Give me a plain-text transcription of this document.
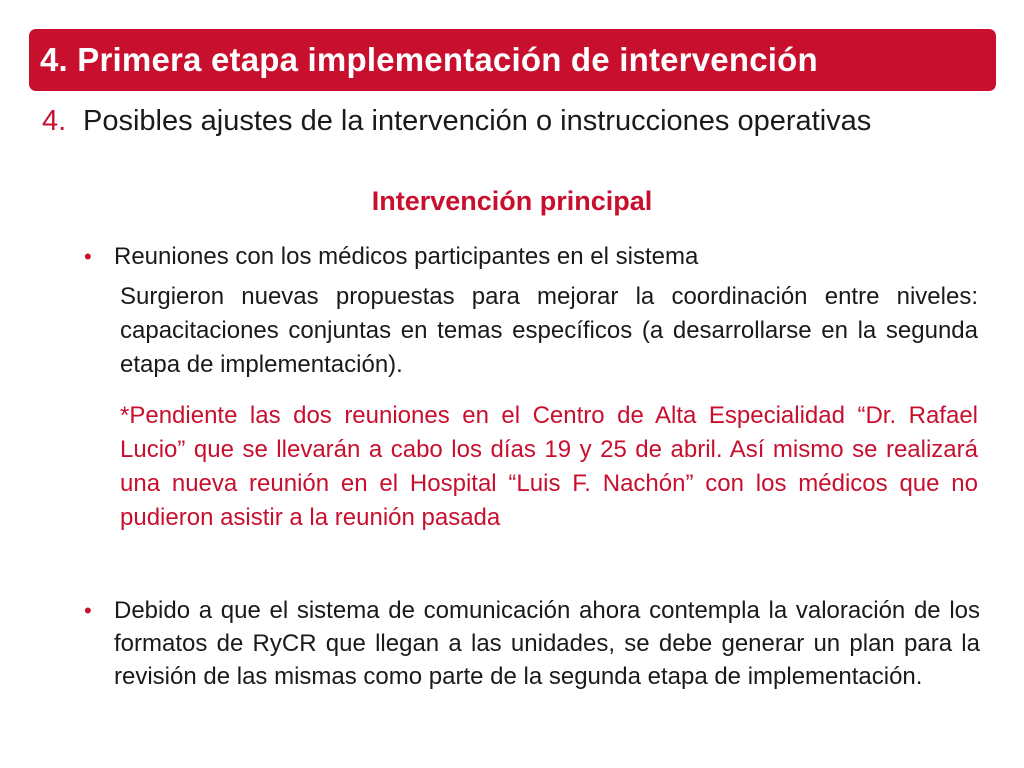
4. Primera etapa implementación de intervención
4. Posibles ajustes de la intervención o instrucciones operativas
Intervención principal
• Reuniones con los médicos participantes en el sistema
Surgieron nuevas propuestas para mejorar la coordinación entre niveles: capacitaciones conjuntas en temas específicos (a desarrollarse en la segunda etapa de implementación).
*Pendiente las dos reuniones en el Centro de Alta Especialidad “Dr. Rafael Lucio” que se llevarán a cabo los días 19 y 25 de abril. Así mismo se realizará una nueva reunión en el Hospital “Luis F. Nachón” con los médicos que no pudieron asistir a la reunión pasada
• Debido a que el sistema de comunicación ahora contempla la valoración de los formatos de RyCR que llegan a las unidades, se debe generar un plan para la revisión de las mismas como parte de la segunda etapa de implementación.
